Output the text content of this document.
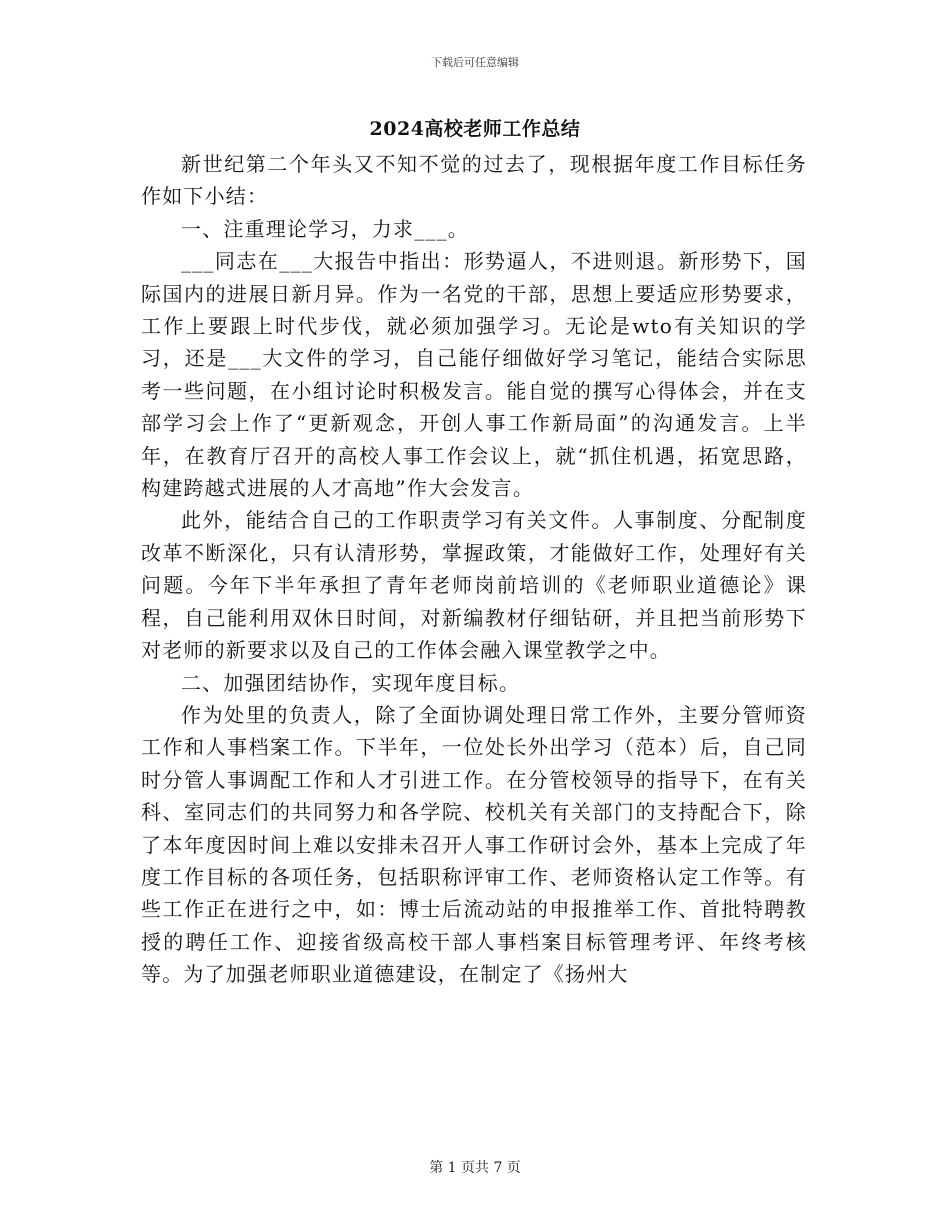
下载后可任意编辑
2024高校老师工作总结

新世纪第二个年头又不知不觉的过去了，现根据年度工作目标任务作如下小结：

一、注重理论学习，力求___。

___同志在___大报告中指出：形势逼人，不进则退。新形势下，国际国内的进展日新月异。作为一名党的干部，思想上要适应形势要求，工作上要跟上时代步伐，就必须加强学习。无论是wto有关知识的学习，还是___大文件的学习，自己能仔细做好学习笔记，能结合实际思考一些问题，在小组讨论时积极发言。能自觉的撰写心得体会，并在支部学习会上作了“更新观念，开创人事工作新局面”的沟通发言。上半年，在教育厅召开的高校人事工作会议上，就“抓住机遇，拓宽思路，构建跨越式进展的人才高地”作大会发言。

此外，能结合自己的工作职责学习有关文件。人事制度、分配制度改革不断深化，只有认清形势，掌握政策，才能做好工作，处理好有关问题。今年下半年承担了青年老师岗前培训的《老师职业道德论》课程，自己能利用双休日时间，对新编教材仔细钻研，并且把当前形势下对老师的新要求以及自己的工作体会融入课堂教学之中。

二、加强团结协作，实现年度目标。

作为处里的负责人，除了全面协调处理日常工作外，主要分管师资工作和人事档案工作。下半年，一位处长外出学习（范本）后，自己同时分管人事调配工作和人才引进工作。在分管校领导的指导下，在有关科、室同志们的共同努力和各学院、校机关有关部门的支持配合下，除了本年度因时间上难以安排未召开人事工作研讨会外，基本上完成了年度工作目标的各项任务，包括职称评审工作、老师资格认定工作等。有些工作正在进行之中，如：博士后流动站的申报推举工作、首批特聘教授的聘任工作、迎接省级高校干部人事档案目标管理考评、年终考核等。为了加强老师职业道德建设，在制定了《扬州大

第 1 页共 7 页
